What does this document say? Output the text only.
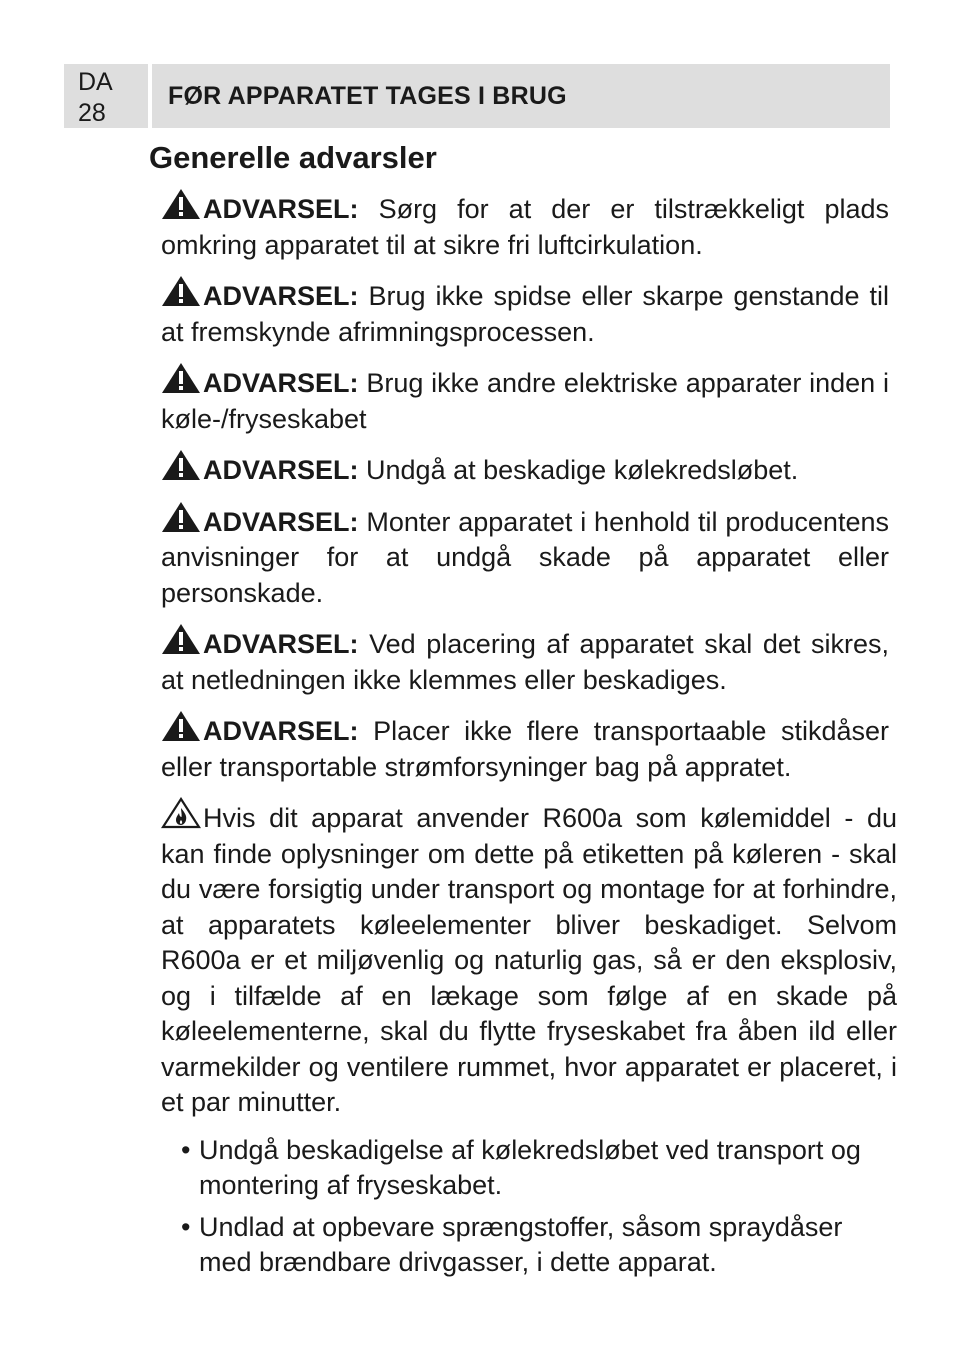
DA
28
FØR APPARATET TAGES I BRUG
Generelle advarsler

ADVARSEL: Sørg for at der er tilstrækkeligt plads omkring apparatet til at sikre fri luftcirkulation.

ADVARSEL: Brug ikke spidse eller skarpe genstande til at fremskynde afrimningsprocessen.

ADVARSEL: Brug ikke andre elektriske apparater inden i køle-/fryseskabet

ADVARSEL: Undgå at beskadige kølekredsløbet.

ADVARSEL: Monter apparatet i henhold til producentens anvisninger for at undgå skade på apparatet eller personskade.

ADVARSEL: Ved placering af apparatet skal det sikres, at netledningen ikke klemmes eller beskadiges.

ADVARSEL: Placer ikke flere transportaable stikdåser eller transportable strømforsyninger bag på appratet.

Hvis dit apparat anvender R600a som kølemiddel - du kan finde oplysninger om dette på etiketten på køleren - skal du være forsigtig under transport og montage for at forhindre, at apparatets køleelementer bliver beskadiget. Selvom R600a er et miljøvenlig og naturlig gas, så er den eksplosiv, og i tilfælde af en lækage som følge af en skade på køleelementerne, skal du flytte fryseskabet fra åben ild eller varmekilder og ventilere rummet, hvor apparatet er placeret, i et par minutter.

• Undgå beskadigelse af kølekredsløbet ved transport og montering af fryseskabet.
• Undlad at opbevare sprængstoffer, såsom spraydåser med brændbare drivgasser, i dette apparat.
